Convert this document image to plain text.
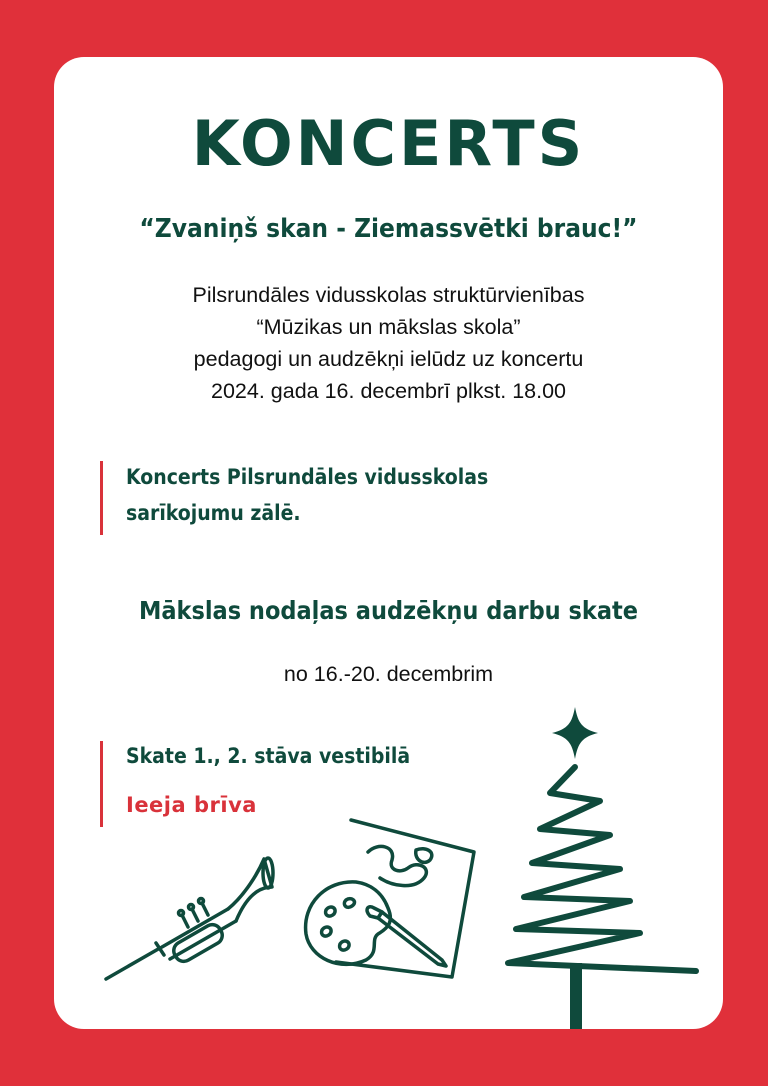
KONCERTS
“Zvaniņš skan - Ziemassvētki brauc!”
Pilsrundāles vidusskolas struktūrvienības
“Mūzikas un mākslas skola”
pedagogi un audzēkņi ielūdz uz koncertu
2024. gada 16. decembrī plkst. 18.00
Koncerts Pilsrundāles vidusskolas
sarīkojumu zālē.
Mākslas nodaļas audzēkņu darbu skate
no 16.-20. decembrim
Skate 1., 2. stāva vestibilā
Ieeja brīva
